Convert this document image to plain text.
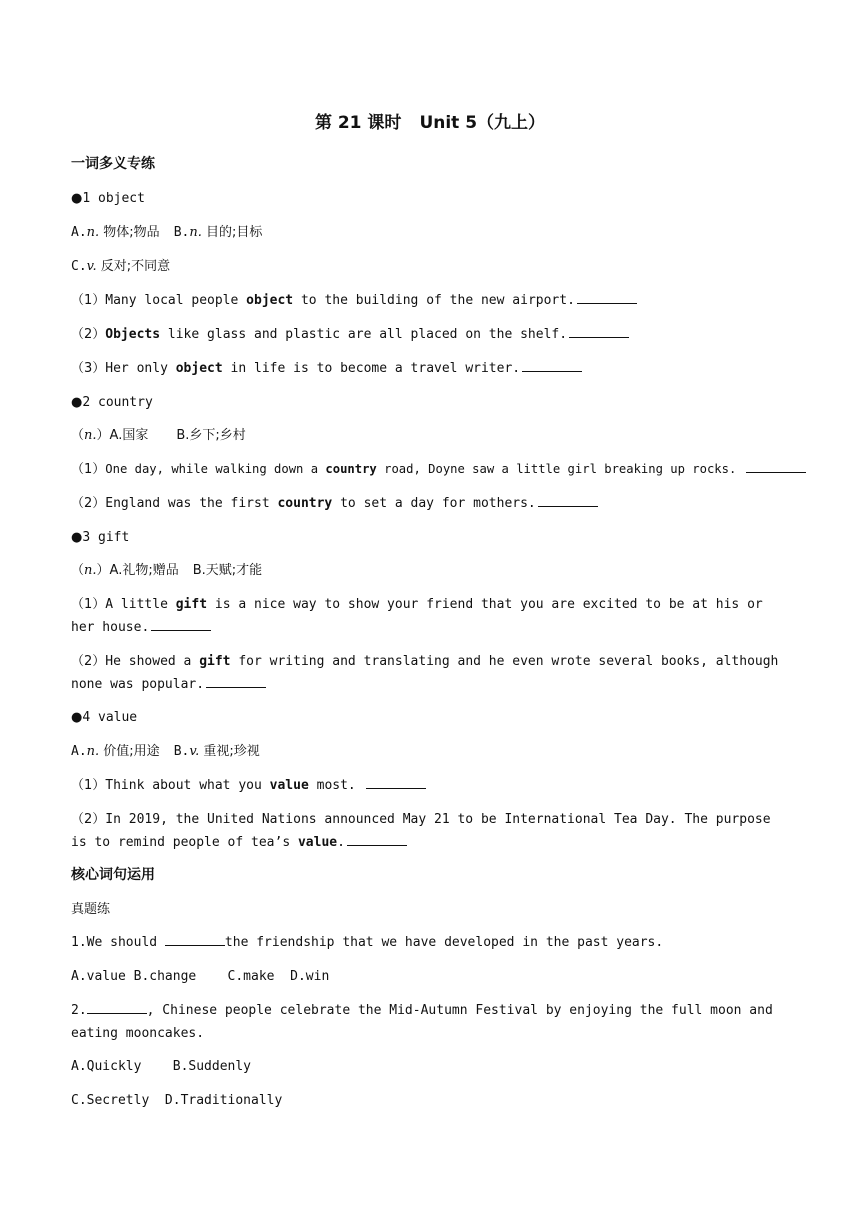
第 21 课时 Unit 5（九上）
一词多义专练
●1 object
A.n. 物体;物品 B.n. 目的;目标
C.v. 反对;不同意
（1）Many local people object to the building of the new airport.
（2）Objects like glass and plastic are all placed on the shelf.
（3）Her only object in life is to become a travel writer.
●2 country
（n.）A.国家 B.乡下;乡村
（1）One day, while walking down a country road, Doyne saw a little girl breaking up rocks.
（2）England was the first country to set a day for mothers.
●3 gift
（n.）A.礼物;赠品 B.天赋;才能
（1）A little gift is a nice way to show your friend that you are excited to be at his or her house.
（2）He showed a gift for writing and translating and he even wrote several books, although none was popular.
●4 value
A.n. 价值;用途 B.v. 重视;珍视
（1）Think about what you value most.
（2）In 2019, the United Nations announced May 21 to be International Tea Day. The purpose is to remind people of tea’s value.
核心词句运用
真题练
1.We should	the friendship that we have developed in the past years.
A.value B.change    C.make  D.win
2.	, Chinese people celebrate the Mid-Autumn Festival by enjoying the full moon and eating mooncakes.
A.Quickly    B.Suddenly
C.Secretly  D.Traditionally
